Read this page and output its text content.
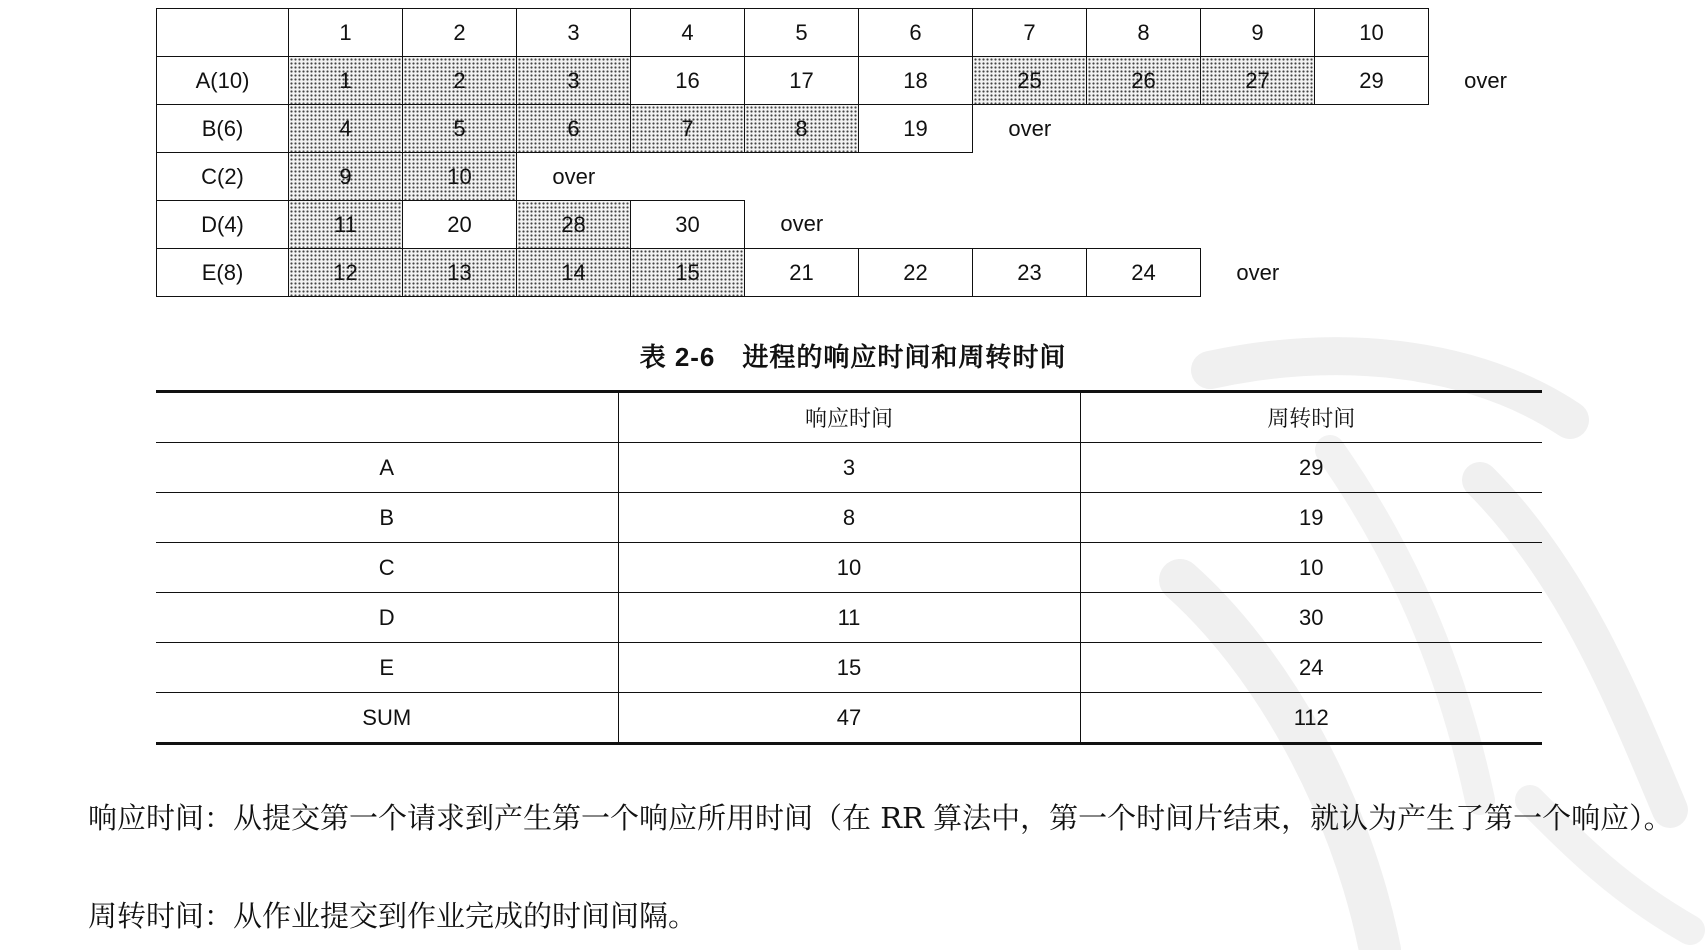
	1	2	3	4	5	6	7	8	9	10	
A(10)	1	2	3	16	17	18	25	26	27	29	over
B(6)	4	5	6	7	8	19	over				
C(2)	9	10	over								
D(4)	11	20	28	30	over						
E(8)	12	13	14	15	21	22	23	24	over		
表 2-6　进程的响应时间和周转时间
	响应时间	周转时间
A	3	29
B	8	19
C	10	10
D	11	30
E	15	24
SUM	47	112
响应时间：从提交第一个请求到产生第一个响应所用时间（在 RR 算法中，第一个时间片结束，就认为产生了第一个响应）。
周转时间：从作业提交到作业完成的时间间隔。
